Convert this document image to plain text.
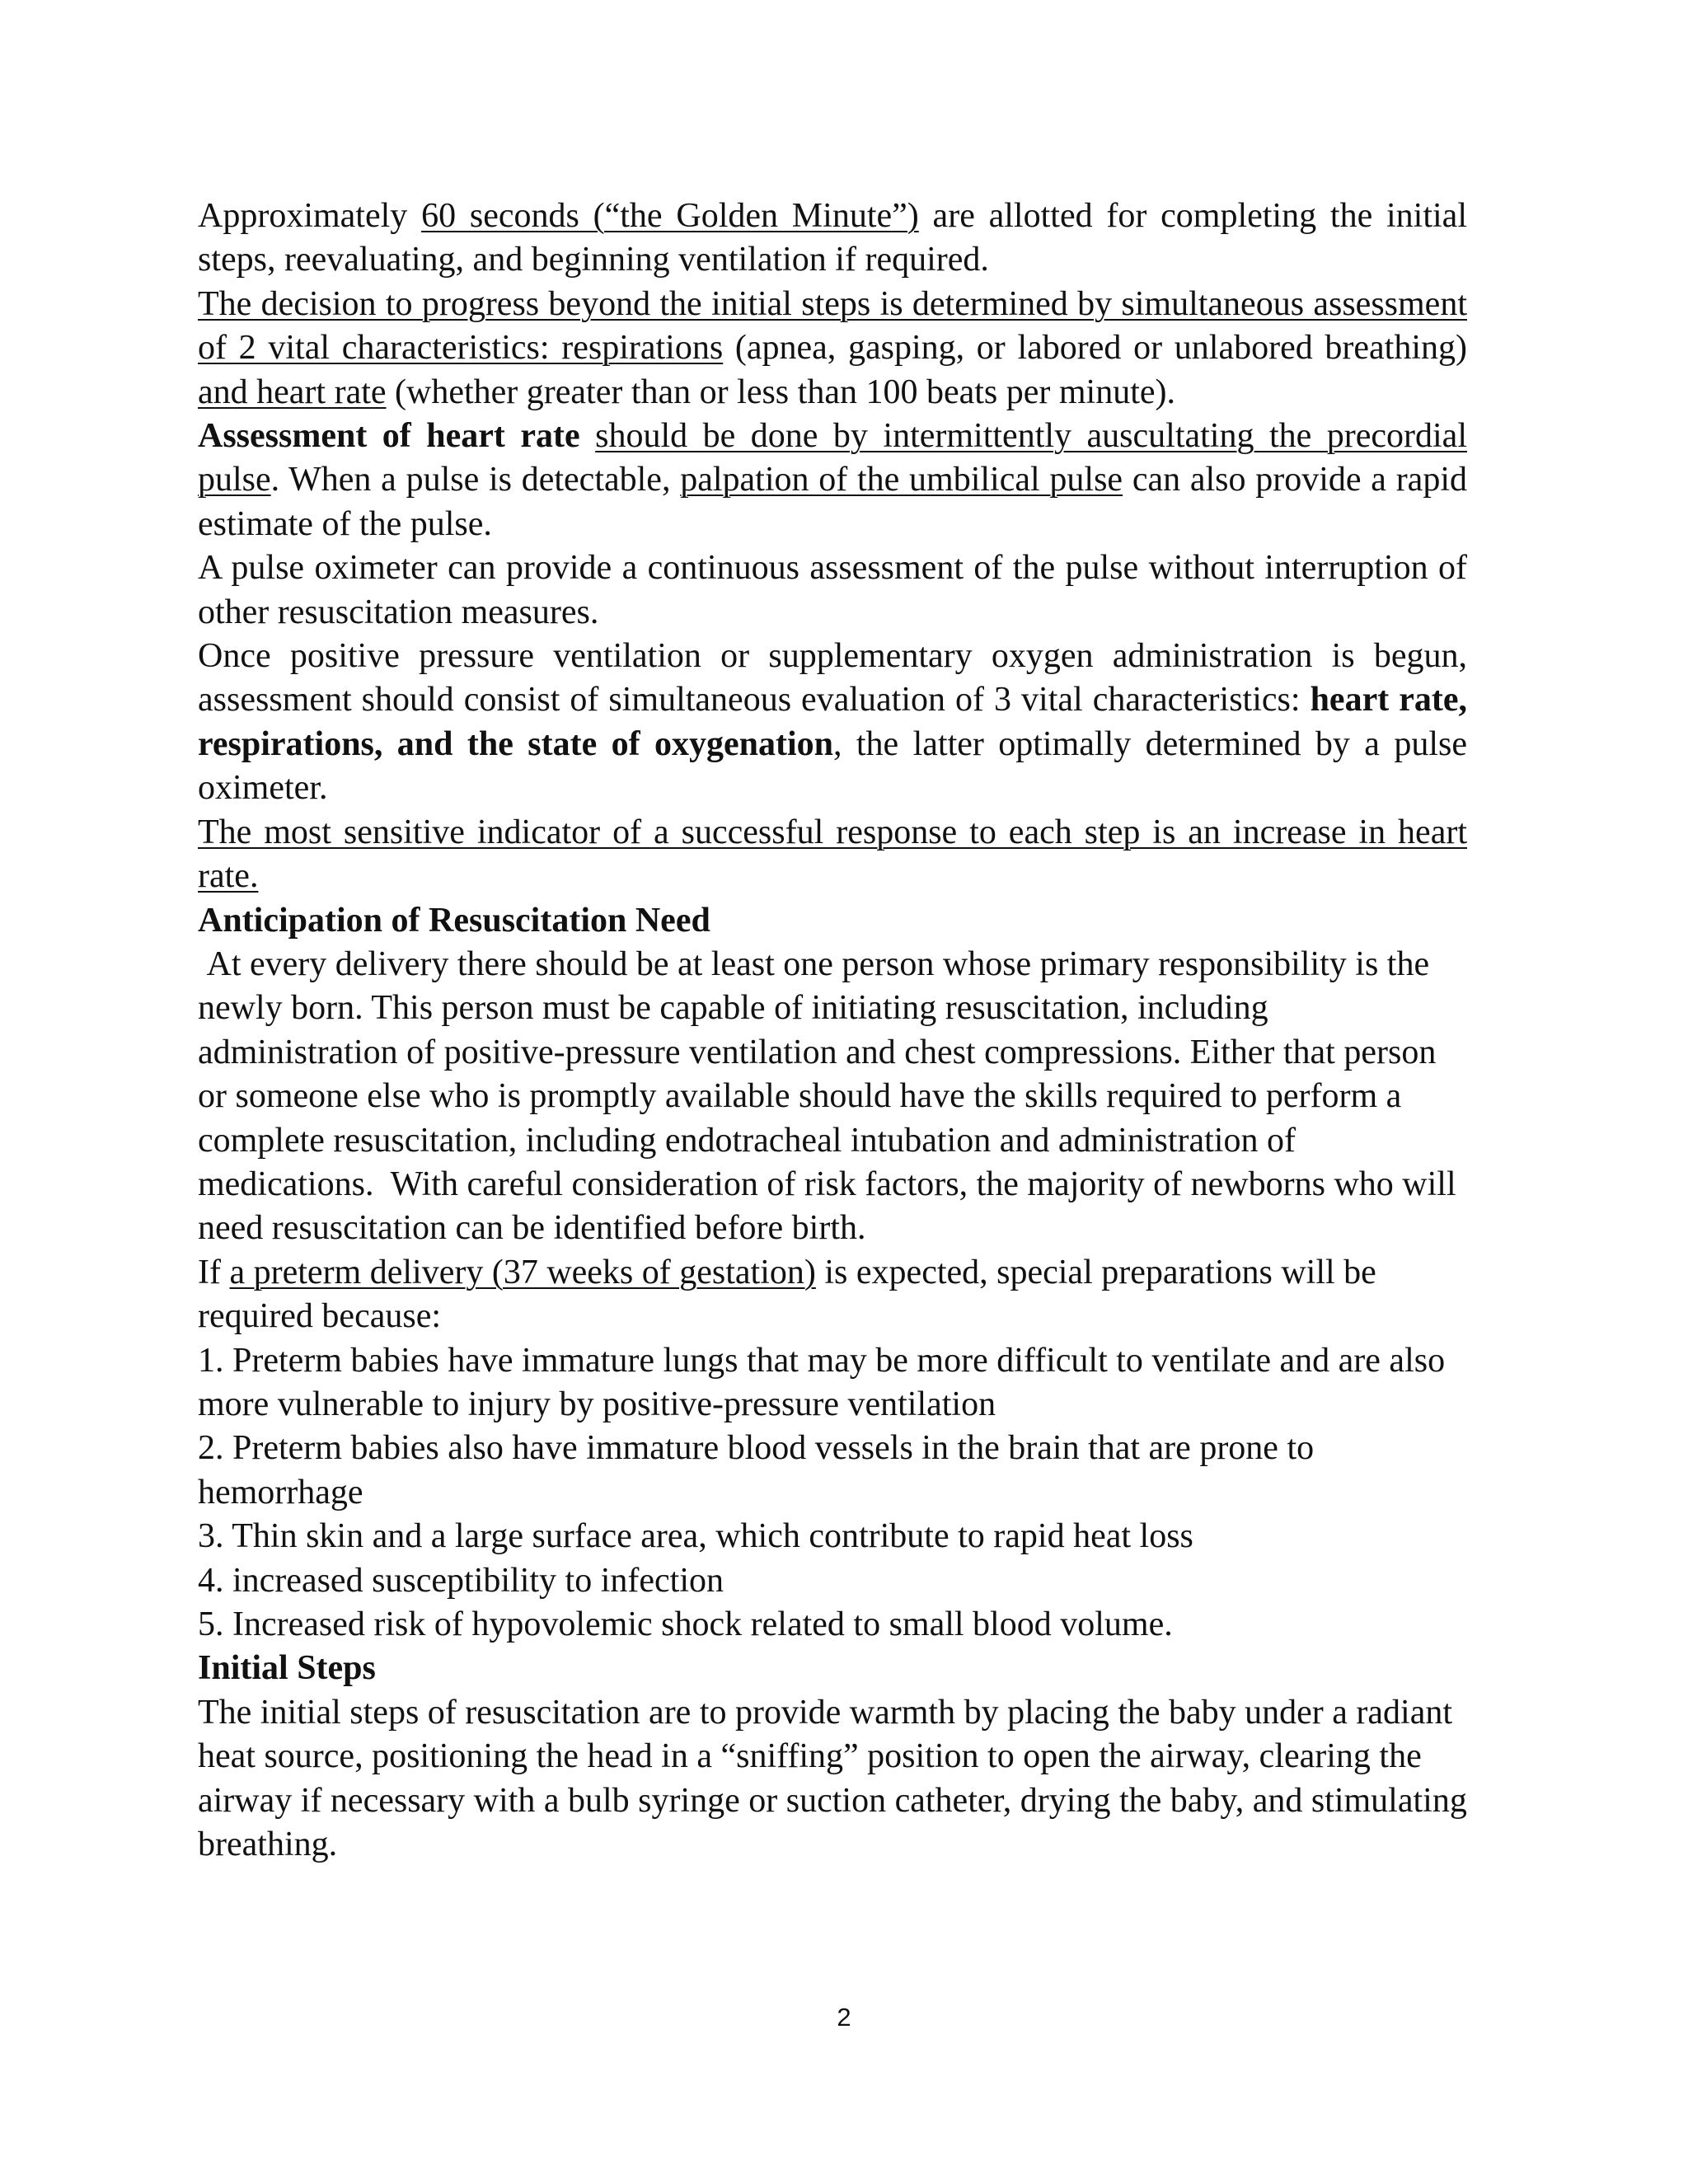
Approximately 60 seconds (“the Golden Minute”) are allotted for completing the initial steps, reevaluating, and beginning ventilation if required.

The decision to progress beyond the initial steps is determined by simultaneous assessment of 2 vital characteristics: respirations (apnea, gasping, or labored or unlabored breathing) and heart rate (whether greater than or less than 100 beats per minute).

Assessment of heart rate should be done by intermittently auscultating the precordial pulse. When a pulse is detectable, palpation of the umbilical pulse can also provide a rapid estimate of the pulse.

A pulse oximeter can provide a continuous assessment of the pulse without interruption of other resuscitation measures.

Once positive pressure ventilation or supplementary oxygen administration is begun, assessment should consist of simultaneous evaluation of 3 vital characteristics: heart rate, respirations, and the state of oxygenation, the latter optimally determined by a pulse oximeter.

The most sensitive indicator of a successful response to each step is an increase in heart rate.

Anticipation of Resuscitation Need

At every delivery there should be at least one person whose primary responsibility is the newly born. This person must be capable of initiating resuscitation, including administration of positive-pressure ventilation and chest compressions. Either that person or someone else who is promptly available should have the skills required to perform a complete resuscitation, including endotracheal intubation and administration of medications.  With careful consideration of risk factors, the majority of newborns who will need resuscitation can be identified before birth.

If a preterm delivery (37 weeks of gestation) is expected, special preparations will be required because:

1. Preterm babies have immature lungs that may be more difficult to ventilate and are also more vulnerable to injury by positive-pressure ventilation

2. Preterm babies also have immature blood vessels in the brain that are prone to hemorrhage

3. Thin skin and a large surface area, which contribute to rapid heat loss

4. increased susceptibility to infection

5. Increased risk of hypovolemic shock related to small blood volume.

Initial Steps

The initial steps of resuscitation are to provide warmth by placing the baby under a radiant heat source, positioning the head in a “sniffing” position to open the airway, clearing the airway if necessary with a bulb syringe or suction catheter, drying the baby, and stimulating breathing.

2
